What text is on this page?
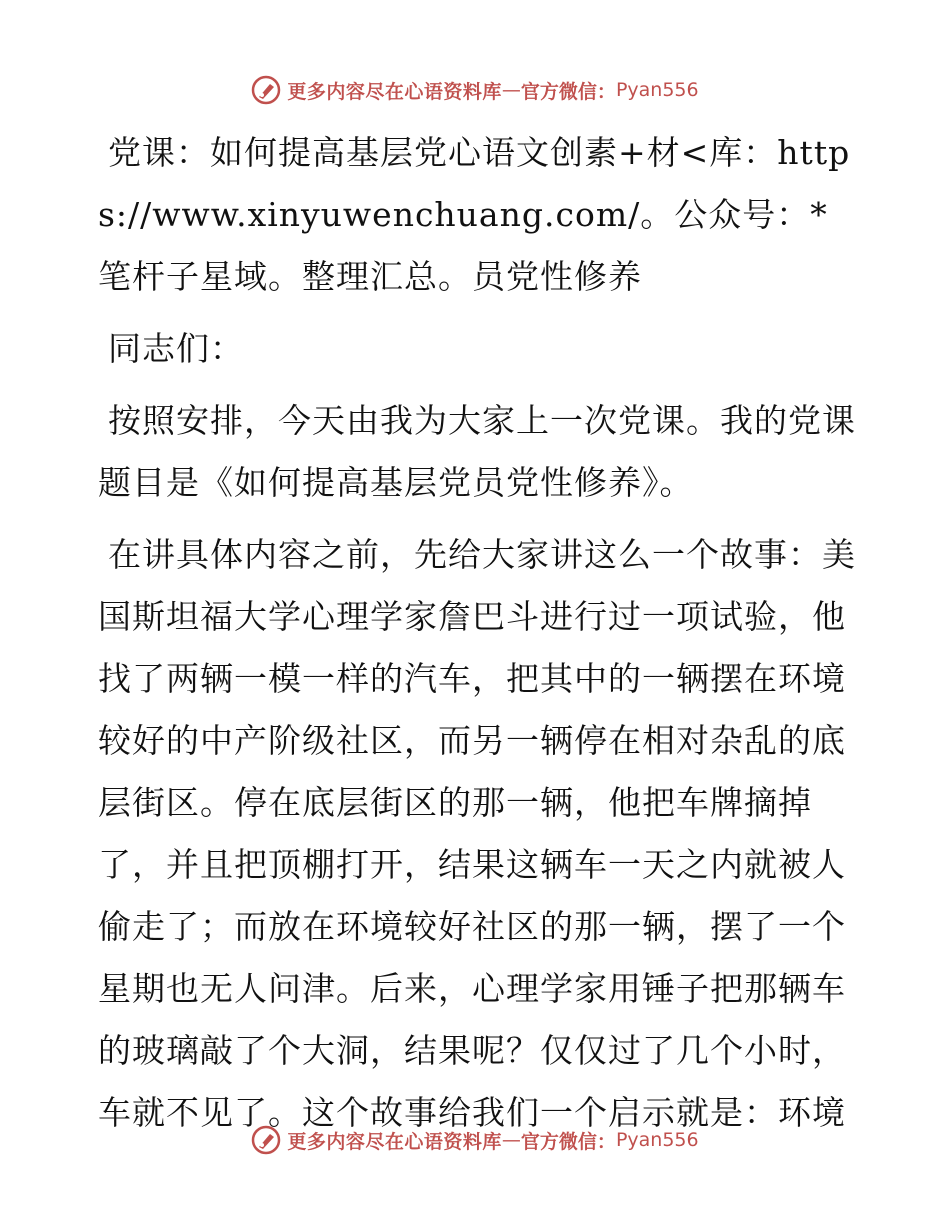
更多内容尽在心语资料库 — 官方微信： Pyan556

党课：如何提高基层党心语文创素+材<库：https://www.xinyuwenchuang.com/。公众号：*笔杆子星域。整理汇总。员党性修养

同志们：

按照安排，今天由我为大家上一次党课。我的党课题目是《如何提高基层党员党性修养》。

在讲具体内容之前，先给大家讲这么一个故事：美国斯坦福大学心理学家詹巴斗进行过一项试验，他找了两辆一模一样的汽车，把其中的一辆摆在环境较好的中产阶级社区，而另一辆停在相对杂乱的底层街区。停在底层街区的那一辆，他把车牌摘掉了，并且把顶棚打开，结果这辆车一天之内就被人偷走了；而放在环境较好社区的那一辆，摆了一个星期也无人问津。后来，心理学家用锤子把那辆车的玻璃敲了个大洞，结果呢？仅仅过了几个小时，车就不见了。这个故事给我们一个启示就是：环境

更多内容尽在心语资料库 — 官方微信： Pyan556
